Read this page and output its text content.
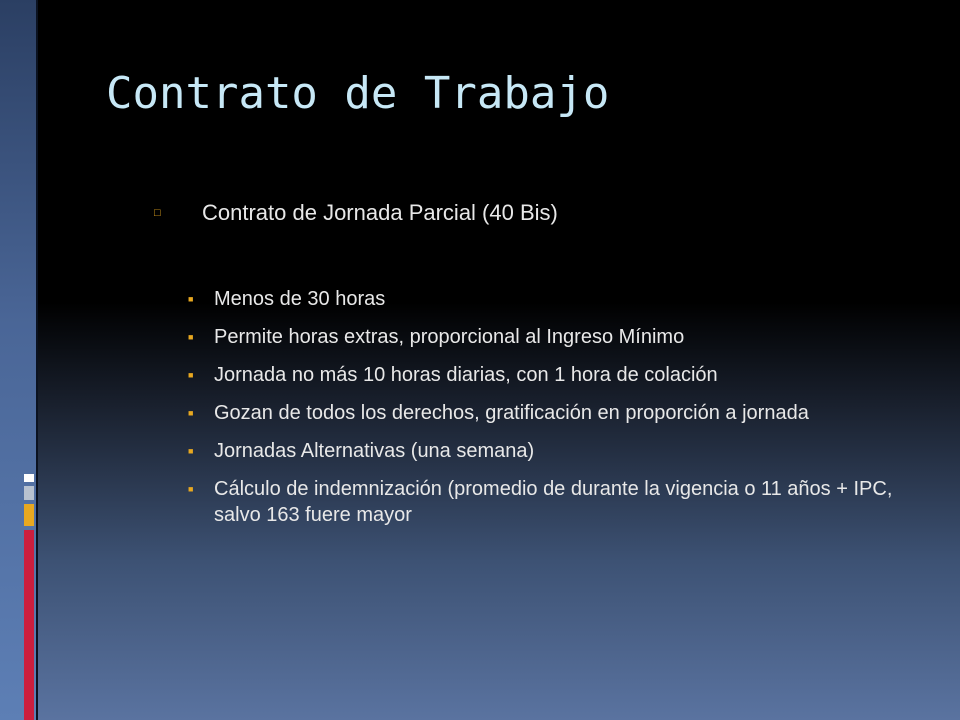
Contrato de Trabajo
□	Contrato de Jornada Parcial (40 Bis)
■	Menos de 30 horas
■	Permite horas extras, proporcional al Ingreso Mínimo
■	Jornada no más 10 horas diarias, con 1 hora de colación
■	Gozan de todos los derechos, gratificación en proporción a jornada
■	Jornadas Alternativas (una semana)
■	Cálculo de indemnización (promedio de durante la vigencia o 11 años + IPC, salvo 163 fuere mayor
